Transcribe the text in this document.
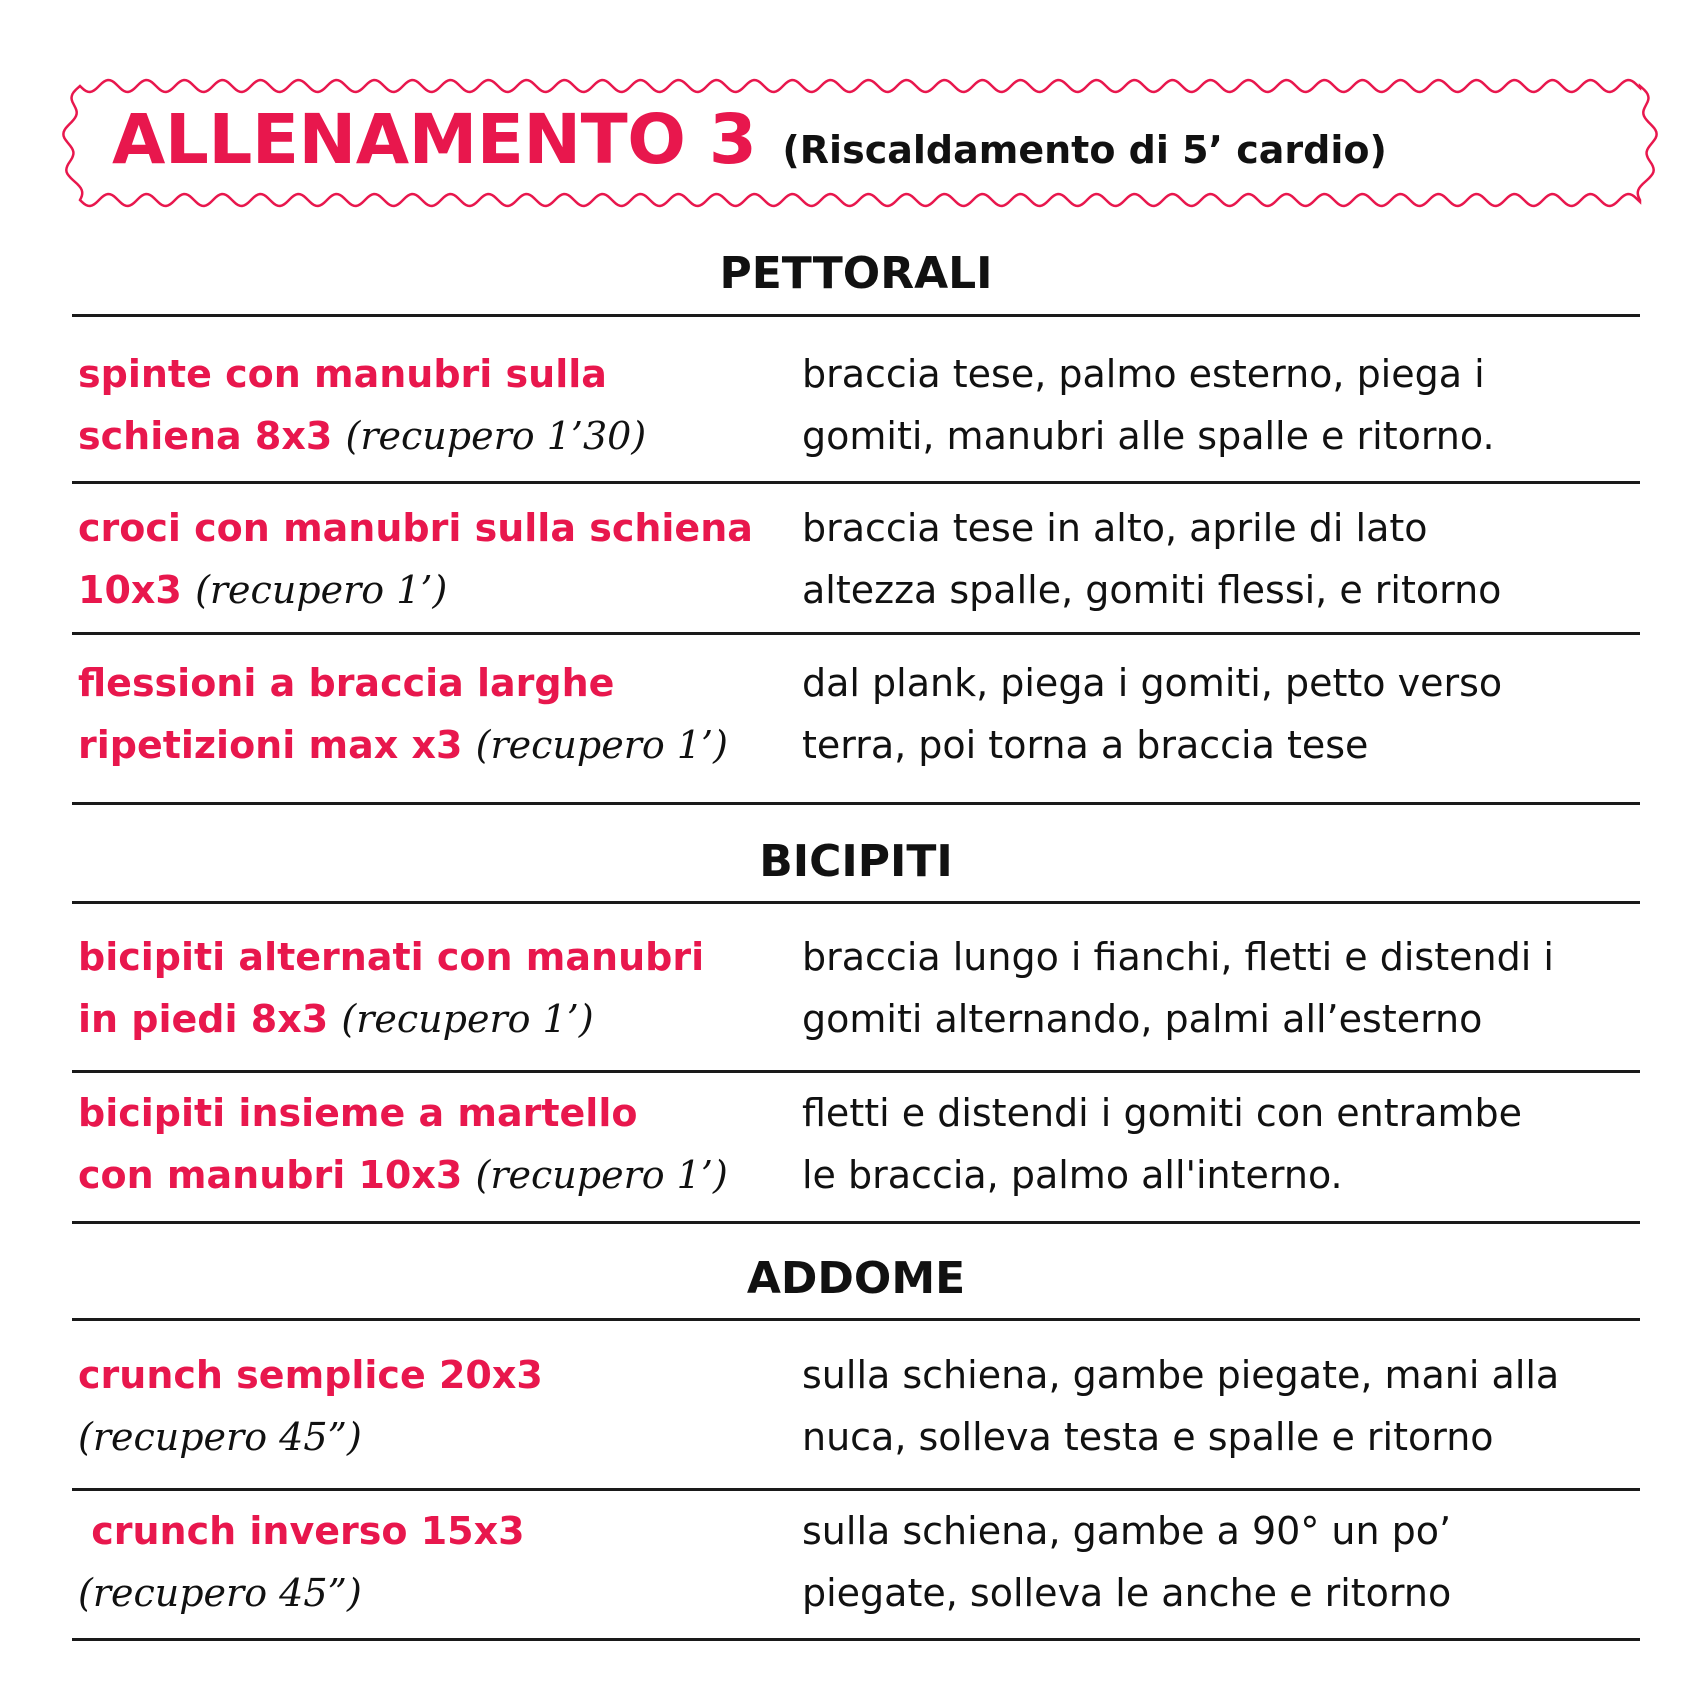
ALLENAMENTO 3 (Riscaldamento di 5’ cardio)
PETTORALI
spinte con manubri sulla
schiena 8x3 (recupero 1’30)
braccia tese, palmo esterno, piega i
gomiti, manubri alle spalle e ritorno.
croci con manubri sulla schiena
10x3 (recupero 1’)
braccia tese in alto, aprile di lato
altezza spalle, gomiti flessi, e ritorno
flessioni a braccia larghe
ripetizioni max x3 (recupero 1’)
dal plank, piega i gomiti, petto verso
terra, poi torna a braccia tese
BICIPITI
bicipiti alternati con manubri
in piedi 8x3 (recupero 1’)
braccia lungo i fianchi, fletti e distendi i
gomiti alternando, palmi all’esterno
bicipiti insieme a martello
con manubri 10x3 (recupero 1’)
fletti e distendi i gomiti con entrambe
le braccia, palmo all'interno.
ADDOME
crunch semplice 20x3
(recupero 45”)
sulla schiena, gambe piegate, mani alla
nuca, solleva testa e spalle e ritorno
crunch inverso 15x3
(recupero 45”)
sulla schiena, gambe a 90° un po’
piegate, solleva le anche e ritorno
